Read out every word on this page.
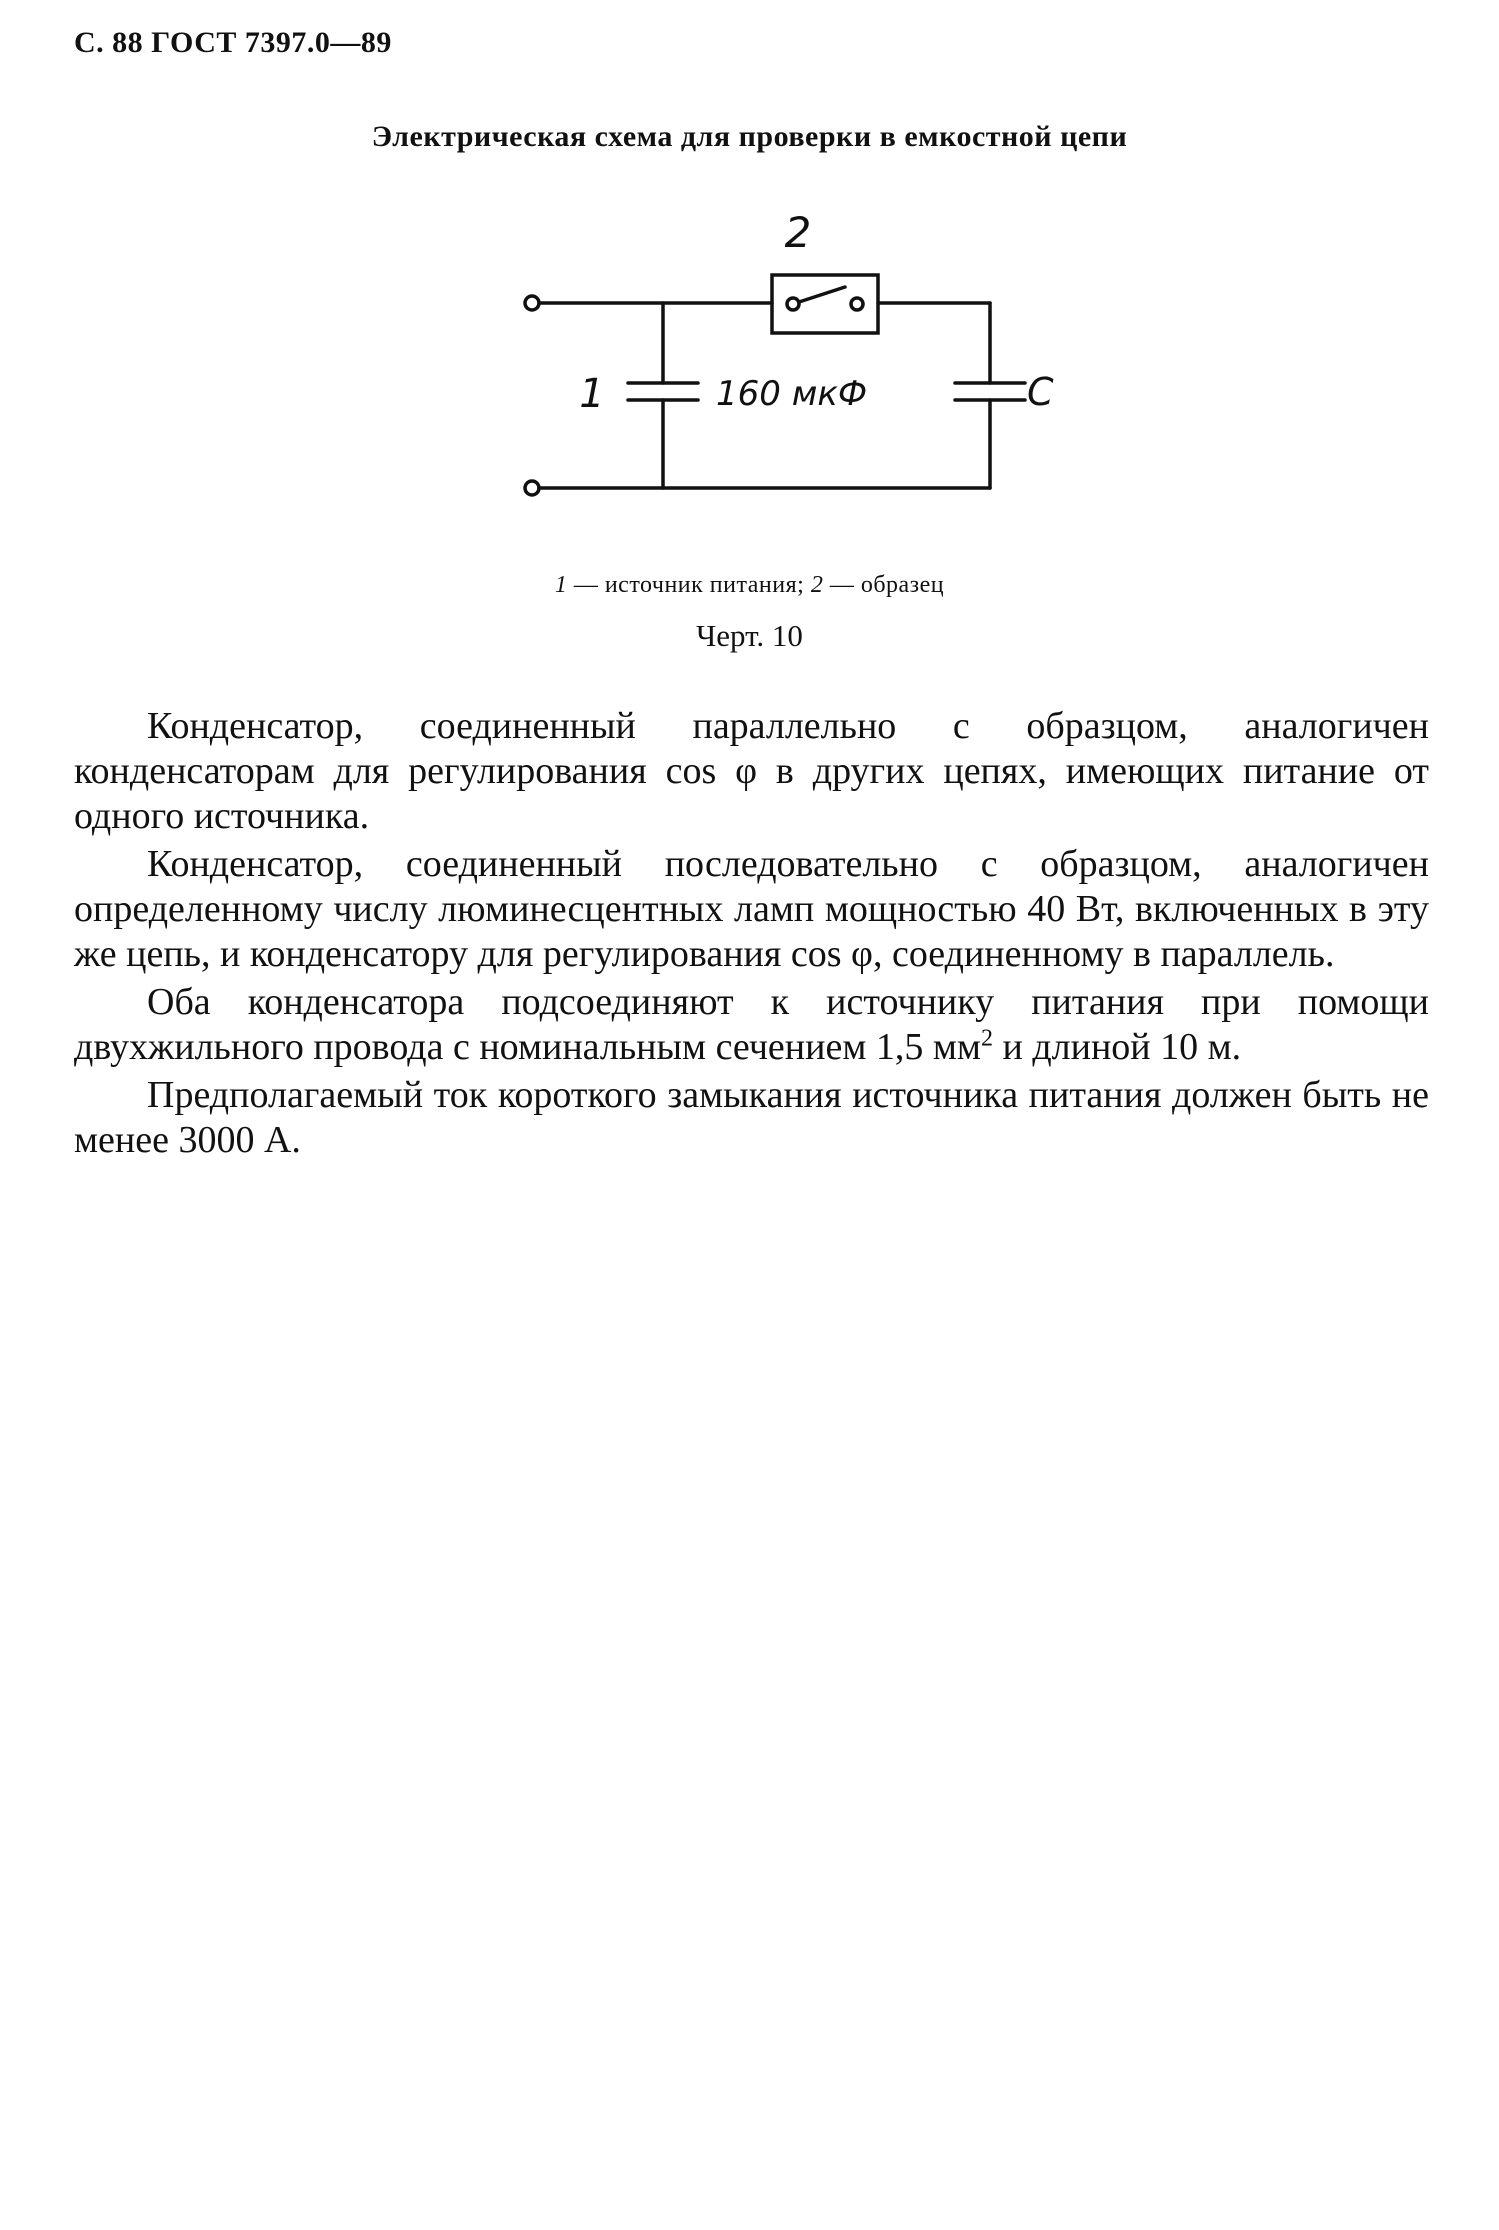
С. 88 ГОСТ 7397.0—89
Электрическая схема для проверки в емкостной цепи
2
1	160 мкФ	C
1 — источник питания; 2 — образец
Черт. 10

Конденсатор, соединенный параллельно с образцом, аналогичен конденсаторам для регулирования cos φ в других цепях, имеющих питание от одного источника.

Конденсатор, соединенный последовательно с образцом, аналогичен определенному числу люминесцентных ламп мощностью 40 Вт, включенных в эту же цепь, и конденсатору для регулирования cos φ, соединенному в параллель.

Оба конденсатора подсоединяют к источнику питания при помощи двухжильного провода с номинальным сечением 1,5 $мм^2$ и длиной 10 м.

Предполагаемый ток короткого замыкания источника питания должен быть не менее 3000 А.
